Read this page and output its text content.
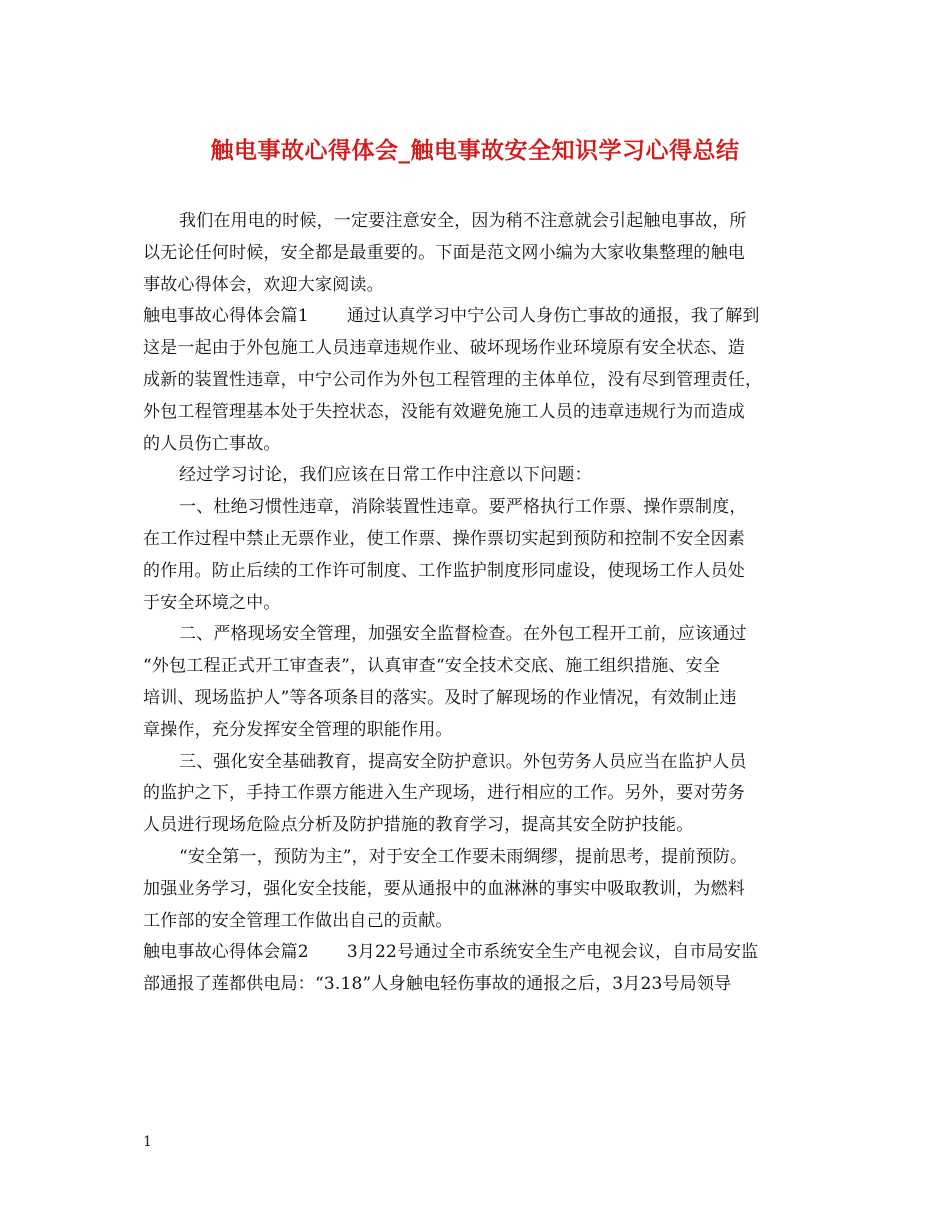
触电事故心得体会_触电事故安全知识学习心得总结
我们在用电的时候，一定要注意安全，因为稍不注意就会引起触电事故，所
以无论任何时候，安全都是最重要的。下面是范文网小编为大家收集整理的触电
事故心得体会，欢迎大家阅读。
触电事故心得体会篇1 通过认真学习中宁公司人身伤亡事故的通报，我了解到
这是一起由于外包施工人员违章违规作业、破坏现场作业环境原有安全状态、造
成新的装置性违章，中宁公司作为外包工程管理的主体单位，没有尽到管理责任，
外包工程管理基本处于失控状态，没能有效避免施工人员的违章违规行为而造成
的人员伤亡事故。
经过学习讨论，我们应该在日常工作中注意以下问题：
一、杜绝习惯性违章，消除装置性违章。要严格执行工作票、操作票制度，
在工作过程中禁止无票作业，使工作票、操作票切实起到预防和控制不安全因素
的作用。防止后续的工作许可制度、工作监护制度形同虚设，使现场工作人员处
于安全环境之中。
二、严格现场安全管理，加强安全监督检查。在外包工程开工前，应该通过
“外包工程正式开工审查表”，认真审查“安全技术交底、施工组织措施、安全
培训、现场监护人”等各项条目的落实。及时了解现场的作业情况，有效制止违
章操作，充分发挥安全管理的职能作用。
三、强化安全基础教育，提高安全防护意识。外包劳务人员应当在监护人员
的监护之下，手持工作票方能进入生产现场，进行相应的工作。另外，要对劳务
人员进行现场危险点分析及防护措施的教育学习，提高其安全防护技能。
“安全第一，预防为主”，对于安全工作要未雨绸缪，提前思考，提前预防。
加强业务学习，强化安全技能，要从通报中的血淋淋的事实中吸取教训，为燃料
工作部的安全管理工作做出自己的贡献。
触电事故心得体会篇2 3月22号通过全市系统安全生产电视会议，自市局安监
部通报了莲都供电局：“3.18”人身触电轻伤事故的通报之后，3月23号局领导
1
